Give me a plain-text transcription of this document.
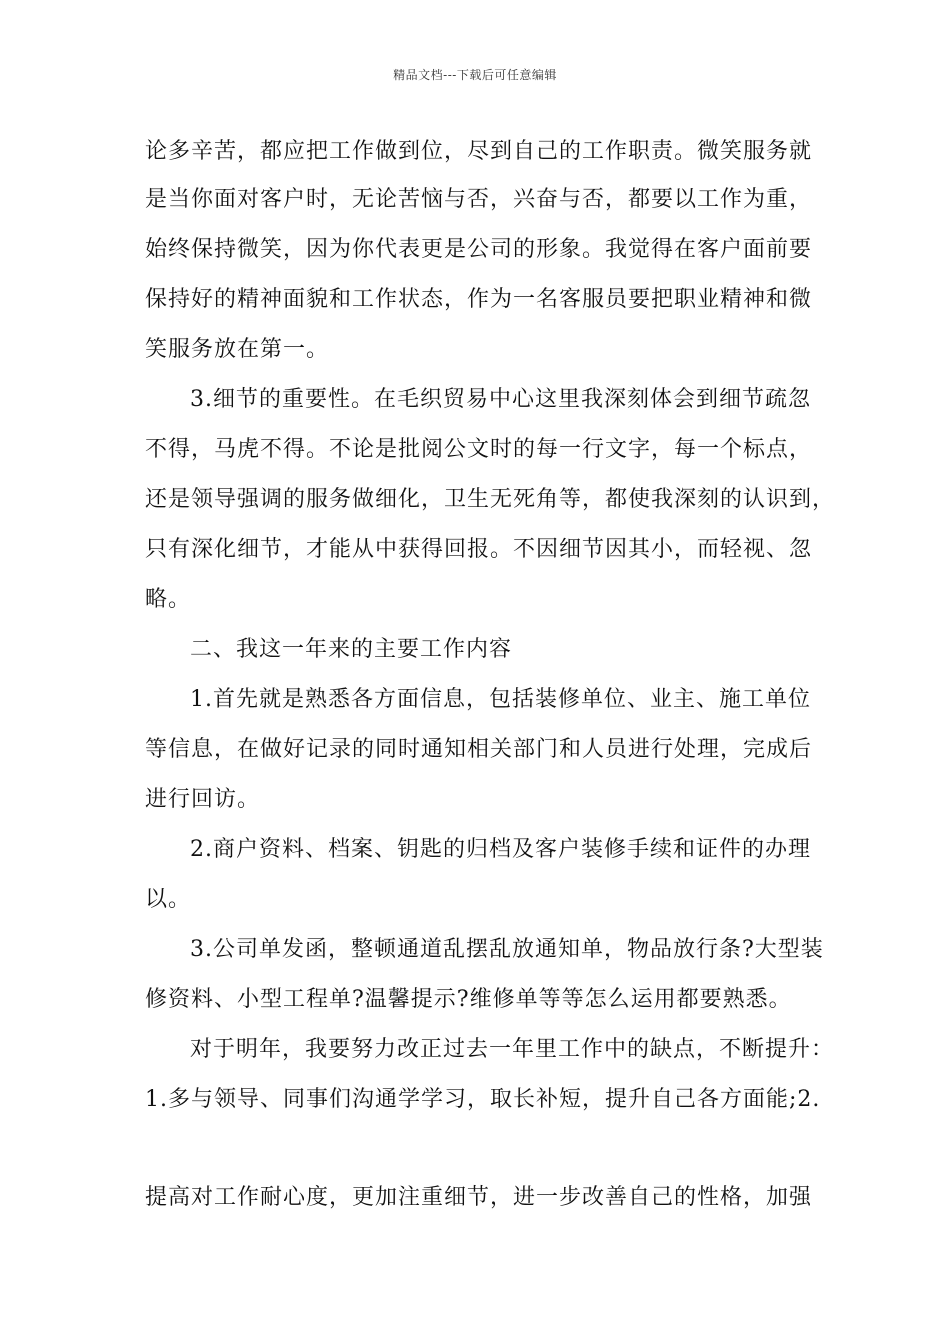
精品文档---下载后可任意编辑
论多辛苦，都应把工作做到位，尽到自己的工作职责。微笑服务就
是当你面对客户时，无论苦恼与否，兴奋与否，都要以工作为重，
始终保持微笑，因为你代表更是公司的形象。我觉得在客户面前要
保持好的精神面貌和工作状态，作为一名客服员要把职业精神和微
笑服务放在第一。
3.细节的重要性。在毛织贸易中心这里我深刻体会到细节疏忽
不得，马虎不得。不论是批阅公文时的每一行文字，每一个标点，
还是领导强调的服务做细化，卫生无死角等，都使我深刻的认识到，
只有深化细节，才能从中获得回报。不因细节因其小，而轻视、忽
略。
二、我这一年来的主要工作内容
1.首先就是熟悉各方面信息，包括装修单位、业主、施工单位
等信息，在做好记录的同时通知相关部门和人员进行处理，完成后
进行回访。
2.商户资料、档案、钥匙的归档及客户装修手续和证件的办理
以。
3.公司单发函，整顿通道乱摆乱放通知单，物品放行条?大型装
修资料、小型工程单?温馨提示?维修单等等怎么运用都要熟悉。
对于明年，我要努力改正过去一年里工作中的缺点，不断提升：
1.多与领导、同事们沟通学学习，取长补短，提升自己各方面能;2.
提高对工作耐心度，更加注重细节，进一步改善自己的性格，加强
